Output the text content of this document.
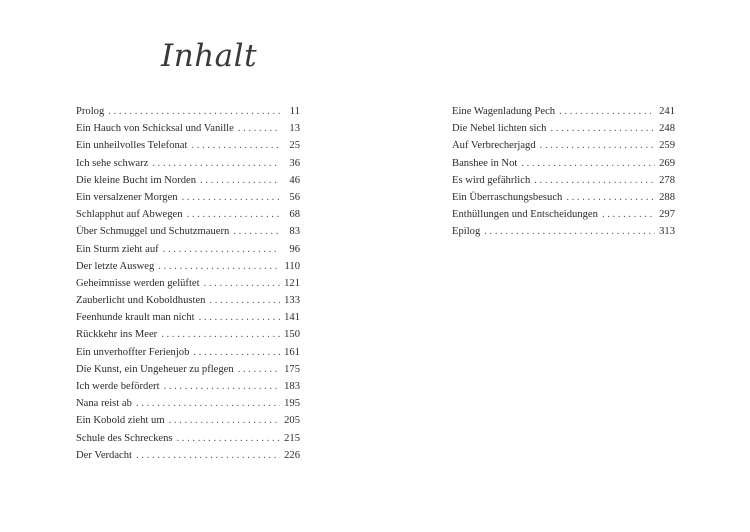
Inhalt
Prolog . . .	11
Ein Hauch von Schicksal und Vanille . . .	13
Ein unheilvolles Telefonat . . .	25
Ich sehe schwarz . . .	36
Die kleine Bucht im Norden . . .	46
Ein versalzener Morgen . . .	56
Schlapphut auf Abwegen . . .	68
Über Schmuggel und Schutzmauern . . .	83
Ein Sturm zieht auf . . .	96
Der letzte Ausweg . . .	110
Geheimnisse werden gelüftet . . .	121
Zauberlicht und Koboldhusten . . .	133
Feenhunde krault man nicht . . .	141
Rückkehr ins Meer . . .	150
Ein unverhoffter Ferienjob . . .	161
Die Kunst, ein Ungeheuer zu pflegen . . .	175
Ich werde befördert . . .	183
Nana reist ab . . .	195
Ein Kobold zieht um . . .	205
Schule des Schreckens . . .	215
Der Verdacht . . .	226
Eine Wagenladung Pech . . .	241
Die Nebel lichten sich . . .	248
Auf Verbrecherjagd . . .	259
Banshee in Not . . .	269
Es wird gefährlich . . .	278
Ein Überraschungsbesuch . . .	288
Enthüllungen und Entscheidungen . . .	297
Epilog . . .	313
